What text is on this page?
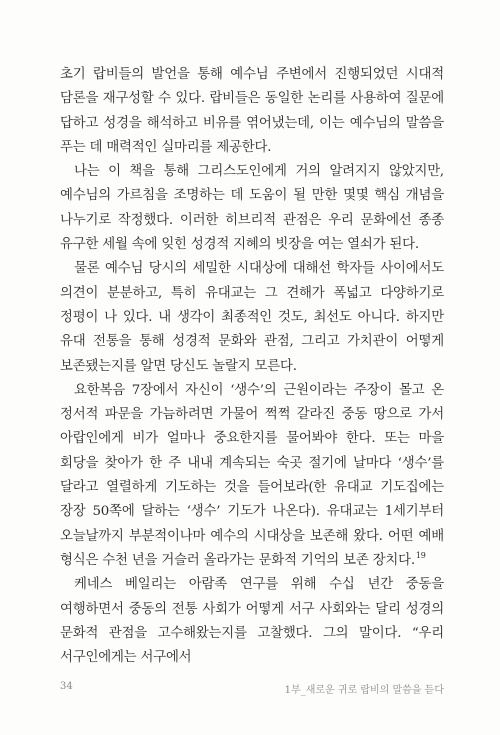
초기 랍비들의 발언을 통해 예수님 주변에서 진행되었던 시대적 담론을 재구성할 수 있다. 랍비들은 동일한 논리를 사용하여 질문에 답하고 성경을 해석하고 비유를 엮어냈는데, 이는 예수님의 말씀을 푸는 데 매력적인 실마리를 제공한다.

나는 이 책을 통해 그리스도인에게 거의 알려지지 않았지만, 예수님의 가르침을 조명하는 데 도움이 될 만한 몇몇 핵심 개념을 나누기로 작정했다. 이러한 히브리적 관점은 우리 문화에선 종종 유구한 세월 속에 잊힌 성경적 지혜의 빗장을 여는 열쇠가 된다.

물론 예수님 당시의 세밀한 시대상에 대해선 학자들 사이에서도 의견이 분분하고, 특히 유대교는 그 견해가 폭넓고 다양하기로 정평이 나 있다. 내 생각이 최종적인 것도, 최선도 아니다. 하지만 유대 전통을 통해 성경적 문화와 관점, 그리고 가치관이 어떻게 보존됐는지를 알면 당신도 놀랄지 모른다.

요한복음 7장에서 자신이 ‘생수’의 근원이라는 주장이 몰고 온 정서적 파문을 가늠하려면 가물어 쩍쩍 갈라진 중동 땅으로 가서 아랍인에게 비가 얼마나 중요한지를 물어봐야 한다. 또는 마을 회당을 찾아가 한 주 내내 계속되는 숙곳 절기에 날마다 ‘생수’를 달라고 열렬하게 기도하는 것을 들어보라(한 유대교 기도집에는 장장 50쪽에 달하는 ‘생수’ 기도가 나온다). 유대교는 1세기부터 오늘날까지 부분적이나마 예수의 시대상을 보존해 왔다. 어떤 예배 형식은 수천 년을 거슬러 올라가는 문화적 기억의 보존 장치다.$^{19}$

케네스 베일리는 아람족 연구를 위해 수십 년간 중동을 여행하면서 중동의 전통 사회가 어떻게 서구 사회와는 달리 성경의 문화적 관점을 고수해왔는지를 고찰했다. 그의 말이다. “우리 서구인에게는 서구에서

34	1부_새로운 귀로 랍비의 말씀을 듣다
